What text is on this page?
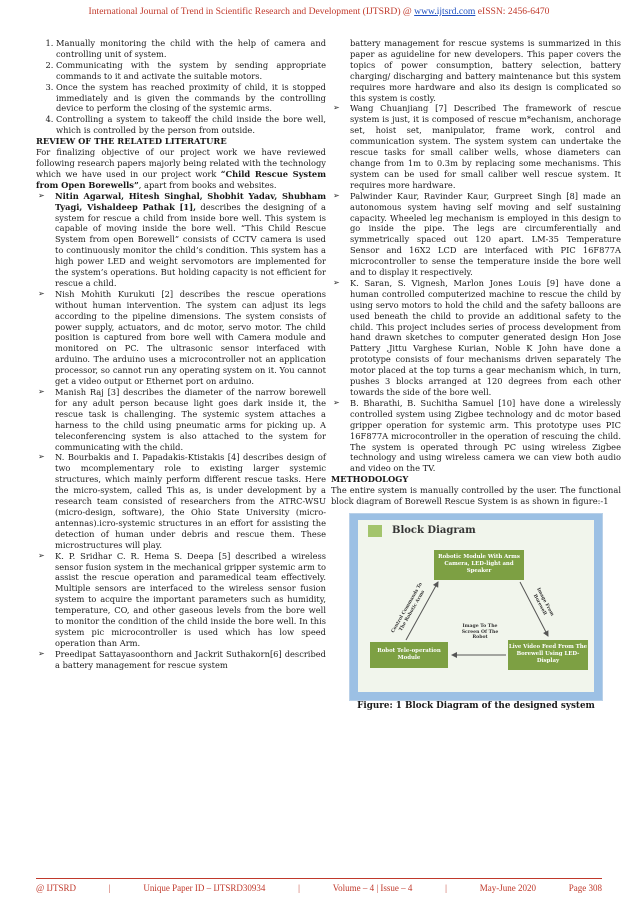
International Journal of Trend in Scientific Research and Development (IJTSRD) @ www.ijtsrd.com eISSN: 2456-6470
1. Manually monitoring the child with the help of camera and controlling unit of system.
2. Communicating with the system by sending appropriate commands to it and activate the suitable motors.
3. Once the system has reached proximity of child, it is stopped immediately and is given the commands by the controlling device to perform the closing of the systemic arms.
4. Controlling a system to takeoff the child inside the bore well, which is controlled by the person from outside.

REVIEW OF THE RELATED LITERATURE

For finalizing objective of our project work we have reviewed following research papers majorly being related with the technology which we have used in our project work “Child Rescue System from Open Borewells”, apart from books and websites.

➢ Nitin Agarwal, Hitesh Singhal, Shobhit Yadav, Shubham Tyagi, Vishaldeep Pathak [1], describes the designing of a system for rescue a child from inside bore well. This system is capable of moving inside the bore well. “This Child Rescue System from open Borewell” consists of CCTV camera is used to continuously monitor the child’s condition. This system has a high power LED and weight servomotors are implemented for the system’s operations. But holding capacity is not efficient for rescue a child.
➢ Nish Mohith Kurukuti [2] describes the rescue operations without human intervention. The system can adjust its legs according to the pipeline dimensions. The system consists of power supply, actuators, and dc motor, servo motor. The child position is captured from bore well with Camera module and monitored on PC. The ultrasonic sensor interfaced with arduino. The arduino uses a microcontroller not an application processor, so cannot run any operating system on it. You cannot get a video output or Ethernet port on arduino.
➢ Manish Raj [3] describes the diameter of the narrow borewell for any adult person because light goes dark inside it, the rescue task is challenging. The systemic system attaches a harness to the child using pneumatic arms for picking up. A teleconferencing system is also attached to the system for communicating with the child.
➢ N. Bourbakis and I. Papadakis-Ktistakis [4] describes design of two mcomplementary role to existing larger systemic structures, which mainly perform different rescue tasks. Here the micro-system, called This as, is under development by a research team consisted of researchers from the ATRC-WSU (micro-design, software), the Ohio State University (micro-antennas).icro-systemic structures in an effort for assisting the detection of human under debris and rescue them. These microstructures will play.
➢ K. P. Sridhar C. R. Hema S. Deepa [5] described a wireless sensor fusion system in the mechanical gripper systemic arm to assist the rescue operation and paramedical team effectively. Multiple sensors are interfaced to the wireless sensor fusion system to acquire the important parameters such as humidity, temperature, CO, and other gaseous levels from the bore well to monitor the condition of the child inside the bore well. In this system pic microcontroller is used which has low speed operation than Arm.
➢ Preedipat Sattayasoonthorn and Jackrit Suthakorn[6] described a battery management for rescue system

battery management for rescue systems is summarized in this paper as aguideline for new developers. This paper covers the topics of power consumption, battery selection, battery charging/ discharging and battery maintenance but this system requires more hardware and also its design is complicated so this system is costly.

➢ Wang Chuanjiang [7] Described The framework of rescue system is just, it is composed of rescue m*echanism, anchorage set, hoist set, manipulator, frame work, control and communication system. The system system can undertake the rescue tasks for small caliber wells, whose diameters can change from 1m to 0.3m by replacing some mechanisms. This system can be used for small caliber well rescue system. It requires more hardware.
➢ Palwinder Kaur, Ravinder Kaur, Gurpreet Singh [8] made an autonomous system having self moving and self sustaining capacity. Wheeled leg mechanism is employed in this design to go inside the pipe. The legs are circumferentially and symmetrically spaced out 120 apart. LM-35 Temperature Sensor and 16X2 LCD are interfaced with PIC 16F877A microcontroller to sense the temperature inside the bore well and to display it respectively.
➢ K. Saran, S. Vignesh, Marlon Jones Louis [9] have done a human controlled computerized machine to rescue the child by using servo motors to hold the child and the safety balloons are used beneath the child to provide an additional safety to the child. This project includes series of process development from hand drawn sketches to computer generated design Hon Jose Pattery ,Jittu Varghese Kurian, Noble K John have done a prototype consists of four mechanisms driven separately The motor placed at the top turns a gear mechanism which, in turn, pushes 3 blocks arranged at 120 degrees from each other towards the side of the bore well.
➢ B. Bharathi, B. Suchitha Samuel [10] have done a wirelessly controlled system using Zigbee technology and dc motor based gripper operation for systemic arm. This prototype uses PIC 16F877A microcontroller in the operation of rescuing the child. The system is operated through PC using wireless Zigbee technology and using wireless camera we can view both audio and video on the TV.

METHODOLOGY

The entire system is manually controlled by the user. The functional block diagram of Borewell Rescue System is as shown in figure:-1

Block Diagram
Robotic Module With Arms Camera, LED-light and Speaker
Robot Tele-operation Module
Live Video Feed From The Borewell Using LED- Display
Control Commands To The Robotic Arms	Image From Borewell
Image To The Screen Of The Robot

Figure: 1 Block Diagram of the designed system

@ IJTSRD	|	Unique Paper ID – IJTSRD30934	|	Volume – 4 | Issue – 4	|	May-June 2020	Page 308
